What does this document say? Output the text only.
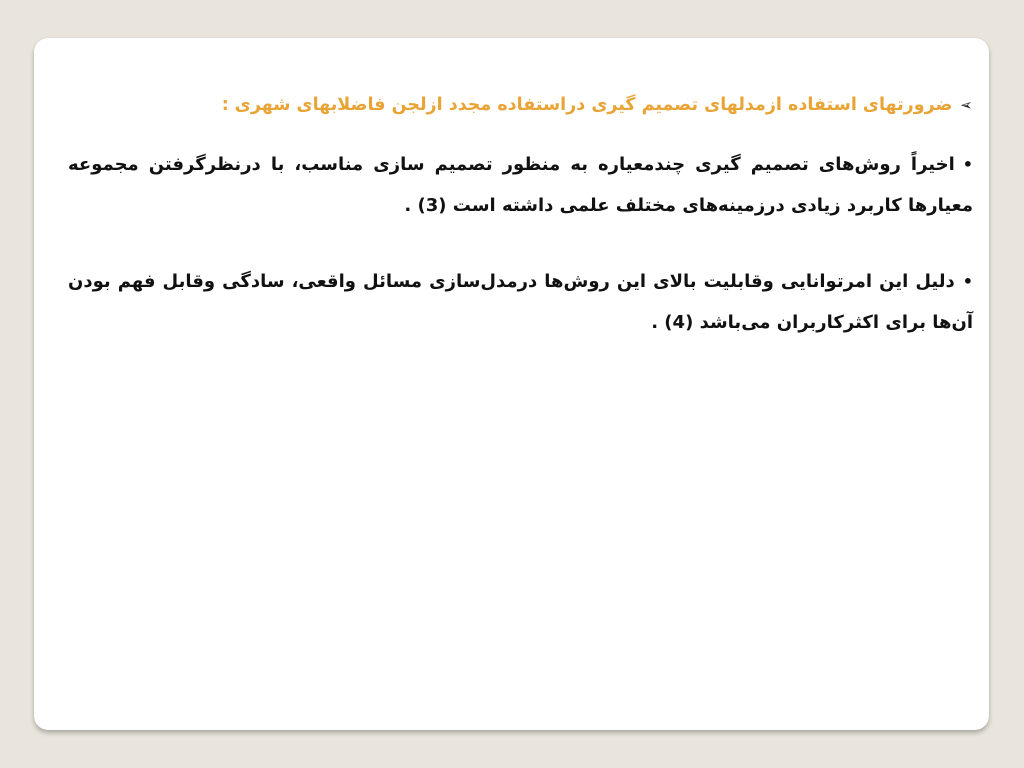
➢
ضرورتهای استفاده ازمدلهای تصمیم گیری دراستفاده مجدد ازلجن فاضلابهای شهری :
•اخیراً روش‌های تصمیم گیری چندمعیاره به منظور تصمیم سازی مناسب، با درنظرگرفتن مجموعه معیارها کاربرد زیادی درزمینه‌های مختلف علمی داشته است (3) .
•دلیل این امرتوانایی وقابلیت بالای این روش‌ها درمدل‌سازی مسائل واقعی، سادگی وقابل فهم بودن آن‌ها برای اکثرکاربران می‌باشد (4) .
